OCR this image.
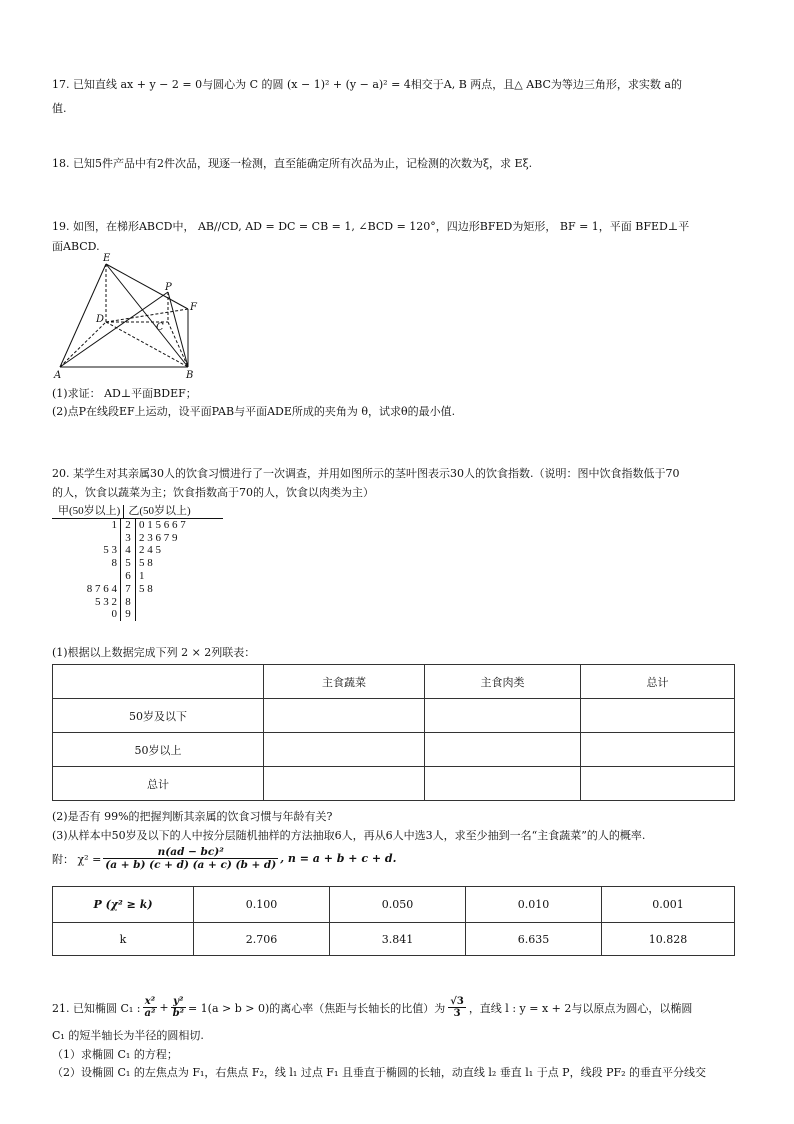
17. 已知直线 ax + y − 2 = 0与圆心为 C 的圆 (x − 1)² + (y − a)² = 4相交于A, B 两点，且△ ABC为等边三角形，求实数 a的
值.
18. 已知5件产品中有2件次品，现逐一检测，直至能确定所有次品为止，记检测的次数为ξ，求 Eξ.
19. 如图，在梯形ABCD中， AB//CD, AD = DC = CB = 1, ∠BCD = 120°，四边形BFED为矩形， BF = 1，平面 BFED⊥平
面ABCD.
E
P
F
D
C
A	B
(1)求证： AD⊥平面BDEF；
(2)点P在线段EF上运动，设平面PAB与平面ADE所成的夹角为 θ，试求θ的最小值.
20. 某学生对其亲属30人的饮食习惯进行了一次调查，并用如图所示的茎叶图表示30人的饮食指数.（说明：图中饮食指数低于70
的人，饮食以蔬菜为主；饮食指数高于70的人，饮食以肉类为主）
甲(50岁以上)		乙(50岁以上)
1	2	0 1 5 6 6 7
	3	2 3 6 7 9
5 3	4	2 4 5
8	5	5 8
	6	1
8 7 6 4	7	5 8
5 3 2	8	
0	9	
(1)根据以上数据完成下列 2 × 2列联表：
	主食蔬菜	主食肉类	总计
50岁及以下			
50岁以上			
总计			
(2)是否有 99%的把握判断其亲属的饮食习惯与年龄有关?
(3)从样本中50岁及以下的人中按分层随机抽样的方法抽取6人，再从6人中选3人，求至少抽到一名“主食蔬菜”的人的概率.
附： $\chi^2 = \frac{\text{n(ad − bc)²}}{(a + b) (c + d) (a + c) (b + d)}$ , n = a + b + c + d.
P (χ² ≥ k)	0.100	0.050	0.010	0.001
k	2.706	3.841	6.635	10.828
21. 已知椭圆 C₁ : $\frac{\text{x²}}{\text{a²}} + \frac{\text{y²}}{\text{b²}} = 1(a > b > 0)$的离心率（焦距与长轴长的比值）为 $\frac{√3}{3}$ ，直线 l : y = x + 2与以原点为圆心，以椭圆
C₁ 的短半轴长为半径的圆相切.
（1）求椭圆 C₁ 的方程；
（2）设椭圆 C₁ 的左焦点为 F₁，右焦点 F₂，线 l₁ 过点 F₁ 且垂直于椭圆的长轴，动直线 l₂ 垂直 l₁ 于点 P，线段 PF₂ 的垂直平分线交
